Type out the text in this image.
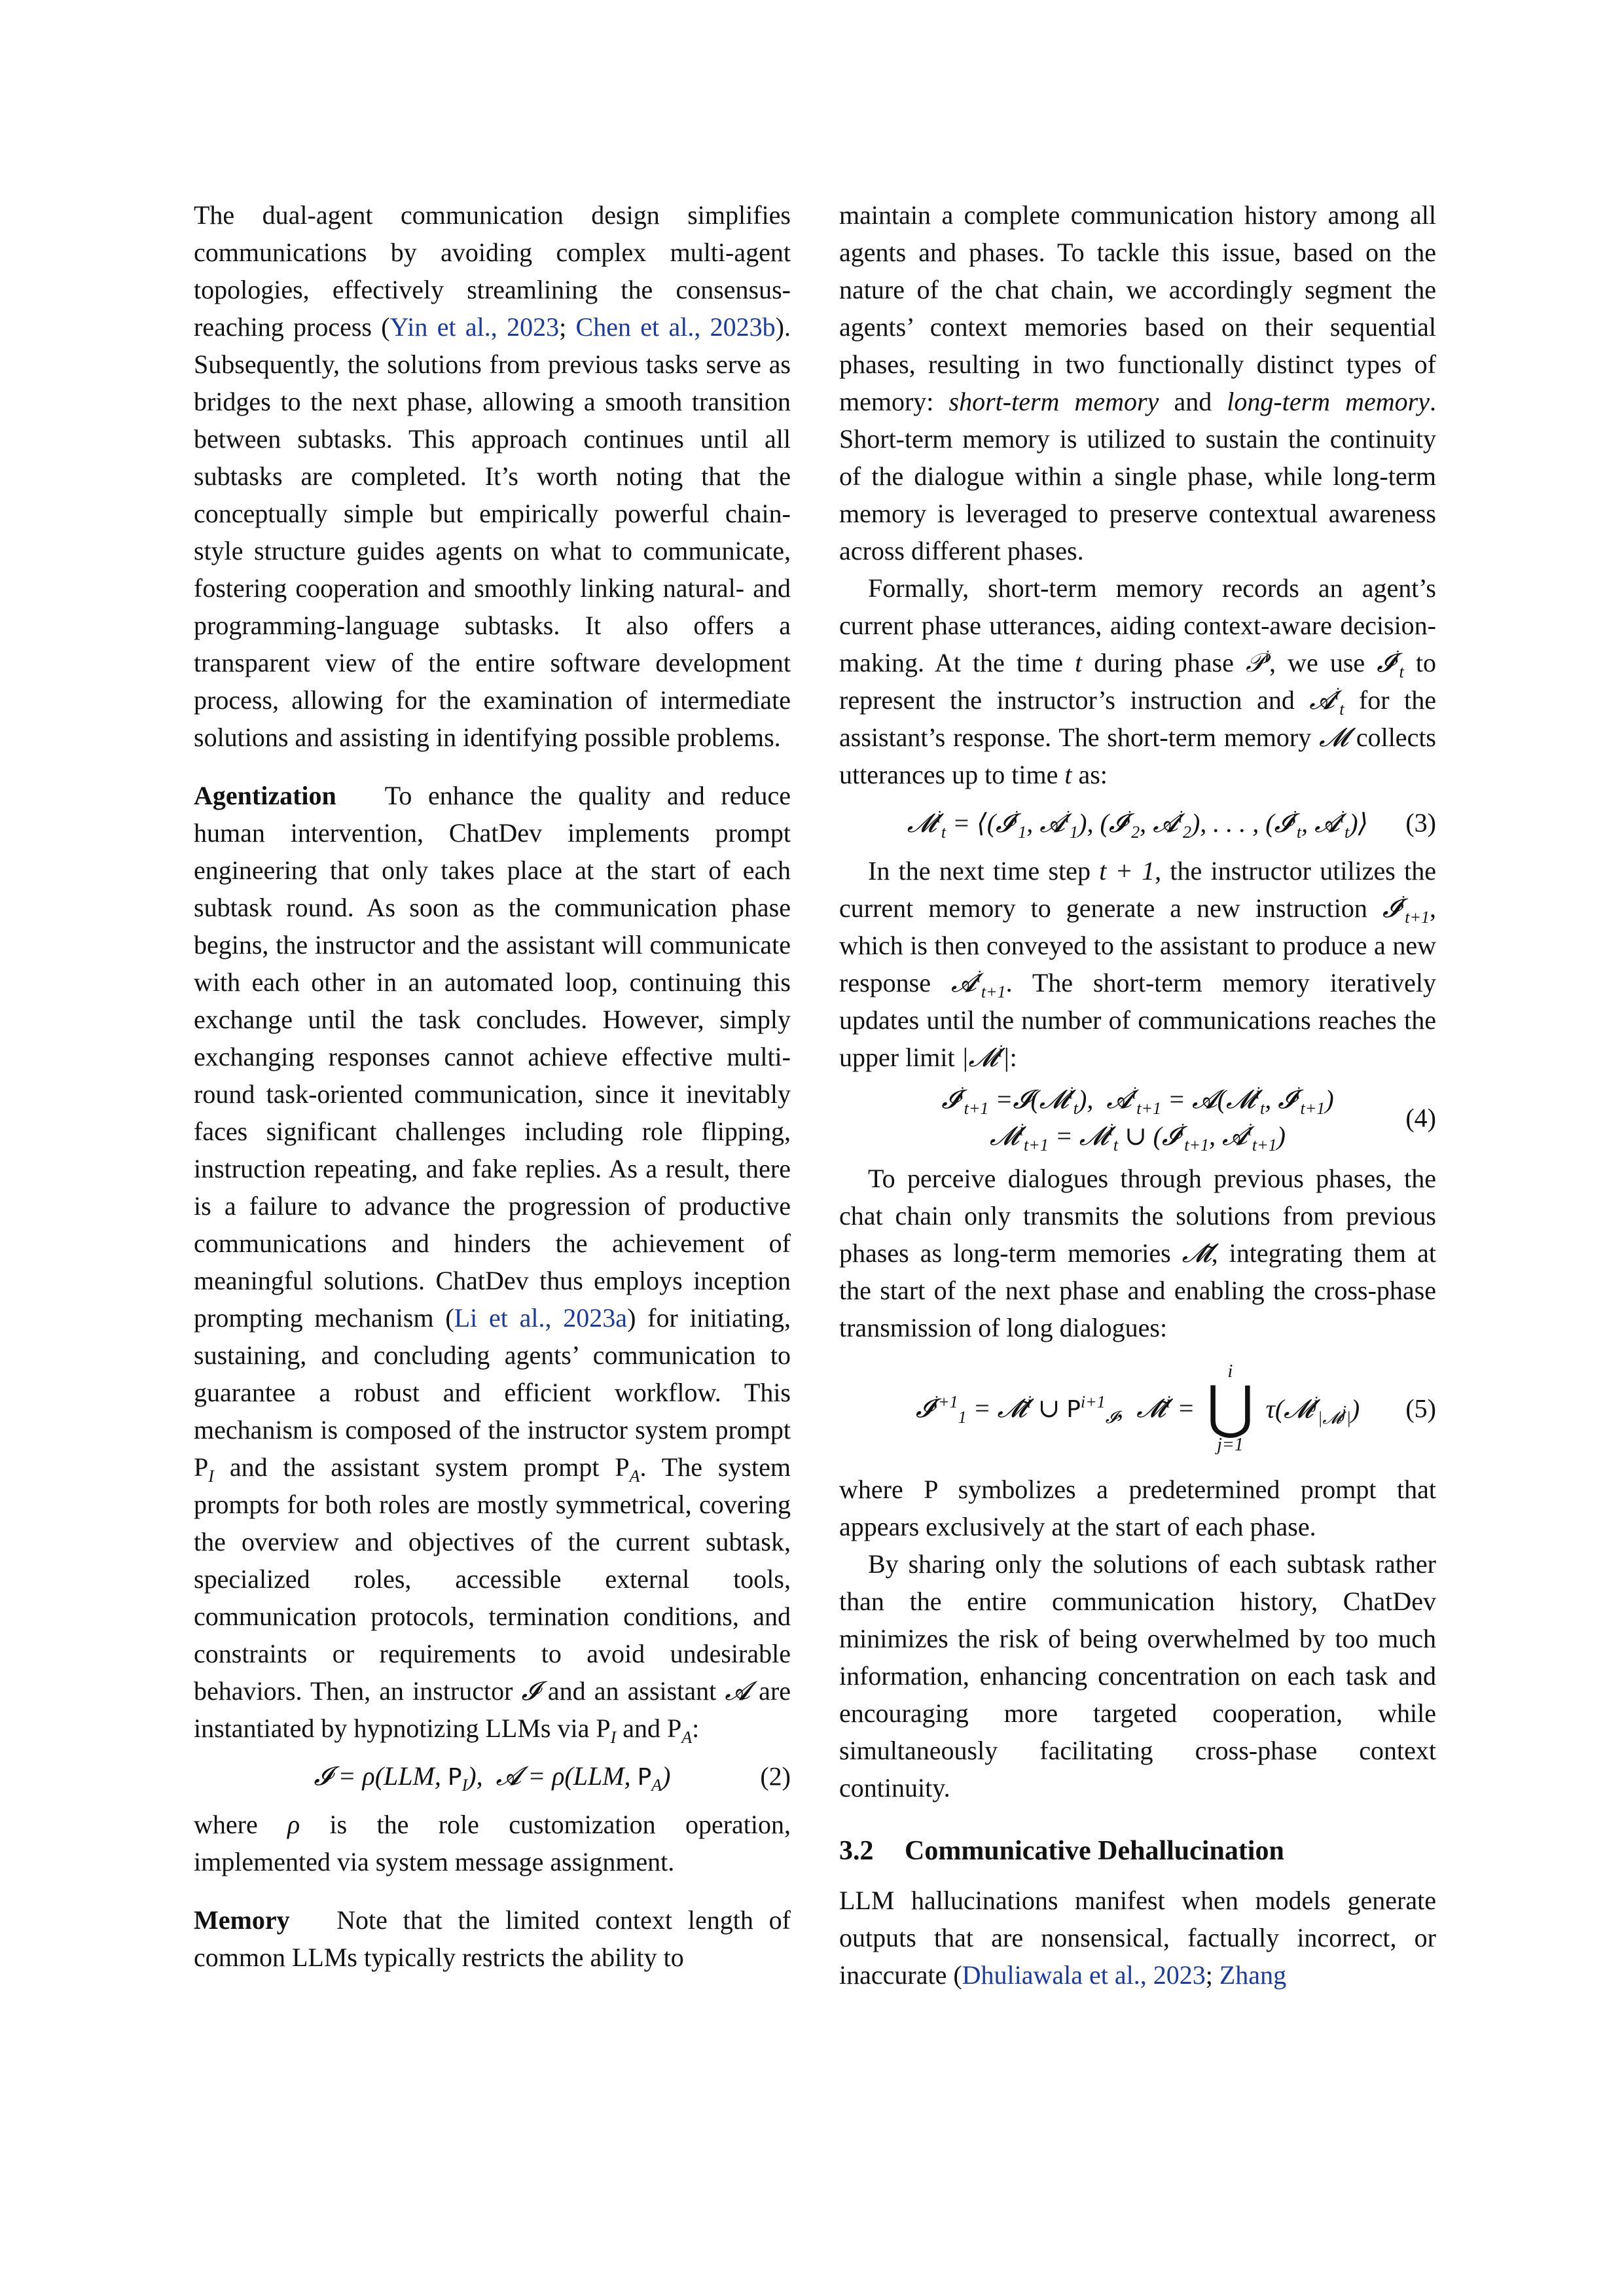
The dual-agent communication design simplifies communications by avoiding complex multi-agent topologies, effectively streamlining the consensus-reaching process (Yin et al., 2023; Chen et al., 2023b). Subsequently, the solutions from previous tasks serve as bridges to the next phase, allowing a smooth transition between subtasks. This approach continues until all subtasks are completed. It’s worth noting that the conceptually simple but empirically powerful chain-style structure guides agents on what to communicate, fostering cooperation and smoothly linking natural- and programming-language subtasks. It also offers a transparent view of the entire software development process, allowing for the examination of intermediate solutions and assisting in identifying possible problems.

Agentization To enhance the quality and reduce human intervention, ChatDev implements prompt engineering that only takes place at the start of each subtask round. As soon as the communication phase begins, the instructor and the assistant will communicate with each other in an automated loop, continuing this exchange until the task concludes. However, simply exchanging responses cannot achieve effective multi-round task-oriented communication, since it inevitably faces significant challenges including role flipping, instruction repeating, and fake replies. As a result, there is a failure to advance the progression of productive communications and hinders the achievement of meaningful solutions. ChatDev thus employs inception prompting mechanism (Li et al., 2023a) for initiating, sustaining, and concluding agents’ communication to guarantee a robust and efficient workflow. This mechanism is composed of the instructor system prompt $P_I$ and the assistant system prompt $P_A$. The system prompts for both roles are mostly symmetrical, covering the overview and objectives of the current subtask, specialized roles, accessible external tools, communication protocols, termination conditions, and constraints or requirements to avoid undesirable behaviors. Then, an instructor 𝓘 and an assistant 𝓐 are instantiated by hypnotizing LLMs via $P_I$ and $P_A$:

𝓘 = ρ(LLM, $P_I$),  𝓐 = ρ(LLM, $P_A$)	(2)

where ρ is the role customization operation, implemented via system message assignment.

Memory Note that the limited context length of common LLMs typically restricts the ability to

maintain a complete communication history among all agents and phases. To tackle this issue, based on the nature of the chat chain, we accordingly segment the agents’ context memories based on their sequential phases, resulting in two functionally distinct types of memory: short-term memory and long-term memory. Short-term memory is utilized to sustain the continuity of the dialogue within a single phase, while long-term memory is leveraged to preserve contextual awareness across different phases.

Formally, short-term memory records an agent’s current phase utterances, aiding context-aware decision-making. At the time t during phase 𝒫$^i$, we use 𝓘$^i_t$ to represent the instructor’s instruction and 𝓐$^i_t$ for the assistant’s response. The short-term memory 𝓜 collects utterances up to time t as:

𝓜$^i_t$ = ⟨(𝓘$^i_1$, 𝓐$^i_1$), (𝓘$^i_2$, 𝓐$^i_2$), . . . , (𝓘$^i_t$, 𝓐$^i_t$)⟩ (3)

In the next time step t + 1, the instructor utilizes the current memory to generate a new instruction 𝓘$^i_{t+1}$, which is then conveyed to the assistant to produce a new response 𝓐$^i_{t+1}$. The short-term memory iteratively updates until the number of communications reaches the upper limit |𝓜$^i$|:

𝓘$^i_{t+1}$ =𝓘(𝓜$^i_t$),  𝓐$^i_{t+1}$ = 𝓐(𝓜$^i_t$, 𝓘$^i_{t+1}$)
𝓜$^i_{t+1}$ = 𝓜$^i_t$ ∪ (𝓘$^i_{t+1}$, 𝓐$^i_{t+1}$)
(4)

To perceive dialogues through previous phases, the chat chain only transmits the solutions from previous phases as long-term memories 𝓜̃, integrating them at the start of the next phase and enabling the cross-phase transmission of long dialogues:

𝓘$^{i+1}_1$ = 𝓜̃$^i$ ∪ $P^{i+1}_𝓘$,  𝓜̃$^i$ =
i
⋃
j=1
τ(𝓜$^j_{|𝓜^j|}$) (5)

where P symbolizes a predetermined prompt that appears exclusively at the start of each phase.

By sharing only the solutions of each subtask rather than the entire communication history, ChatDev minimizes the risk of being overwhelmed by too much information, enhancing concentration on each task and encouraging more targeted cooperation, while simultaneously facilitating cross-phase context continuity.

3.2 Communicative Dehallucination

LLM hallucinations manifest when models generate outputs that are nonsensical, factually incorrect, or inaccurate (Dhuliawala et al., 2023; Zhang
